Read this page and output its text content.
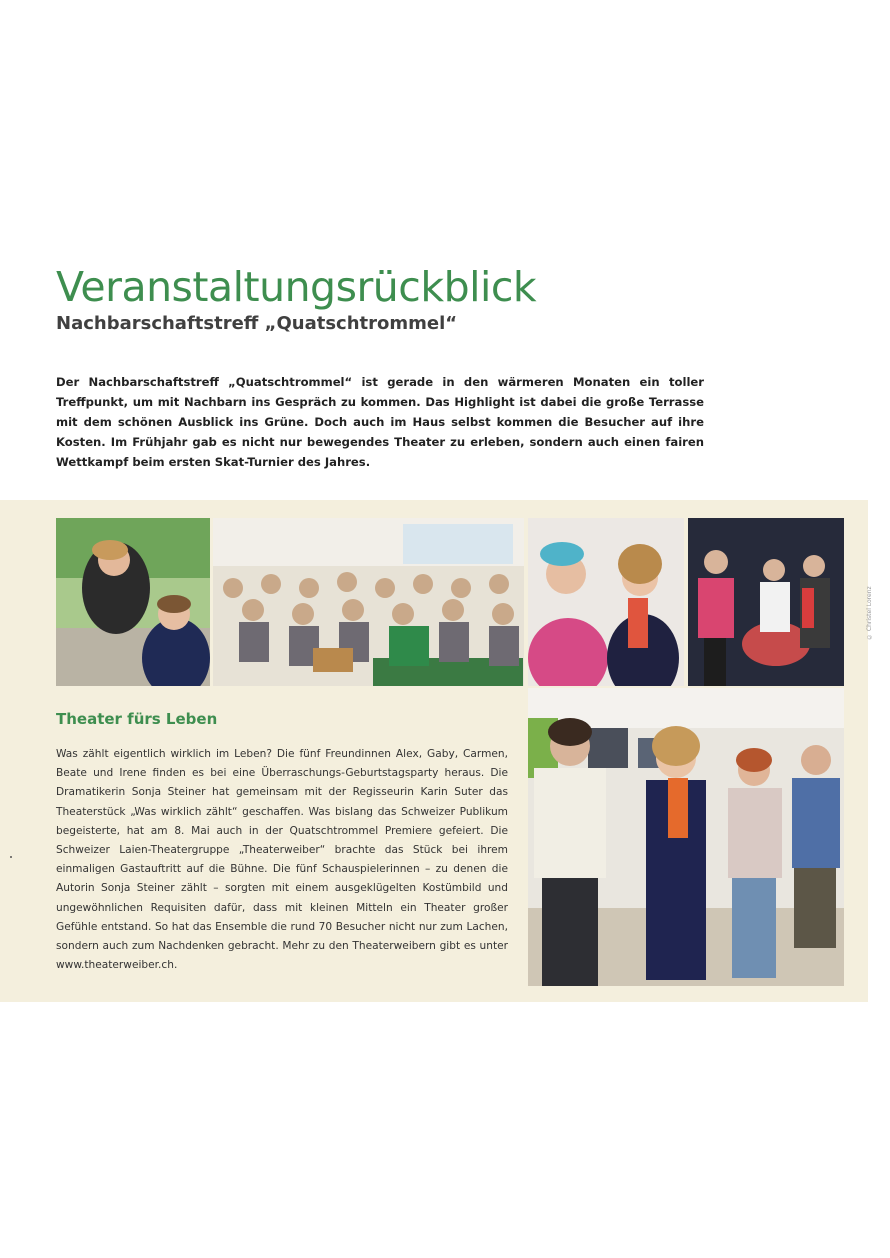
Veranstaltungsrückblick
Nachbarschaftstreff „Quatschtrommel“

Der Nachbarschaftstreff „Quatschtrommel“ ist gerade in den wärmeren Monaten ein toller Treffpunkt, um mit Nachbarn ins Gespräch zu kommen. Das Highlight ist dabei die große Terrasse mit dem schönen Ausblick ins Grüne. Doch auch im Haus selbst kommen die Besucher auf ihre Kosten. Im Frühjahr gab es nicht nur bewegendes Theater zu erleben, sondern auch einen fairen Wettkampf beim ersten Skat-Turnier des Jahres.

Theater fürs Leben

Was zählt eigentlich wirklich im Leben? Die fünf Freundinnen Alex, Gaby, Carmen, Beate und Irene finden es bei eine Überraschungs-Geburtstagsparty heraus. Die Dramatikerin Sonja Steiner hat gemeinsam mit der Regisseurin Karin Suter das Theaterstück „Was wirklich zählt“ geschaffen. Was bislang das Schweizer Publikum begeisterte, hat am 8. Mai auch in der Quatschtrommel Premiere gefeiert. Die Schweizer Laien-Theatergruppe „Theaterweiber“ brachte das Stück bei ihrem einmaligen Gastauftritt auf die Bühne. Die fünf Schauspielerinnen – zu denen die Autorin Sonja Steiner zählt – sorgten mit einem ausgeklügelten Kostümbild und ungewöhnlichen Requisiten dafür, dass mit kleinen Mitteln ein Theater großer Gefühle entstand. So hat das Ensemble die rund 70 Besucher nicht nur zum Lachen, sondern auch zum Nachdenken gebracht. Mehr zu den Theaterweibern gibt es unter www.theaterweiber.ch.

© Christel Lorenz
